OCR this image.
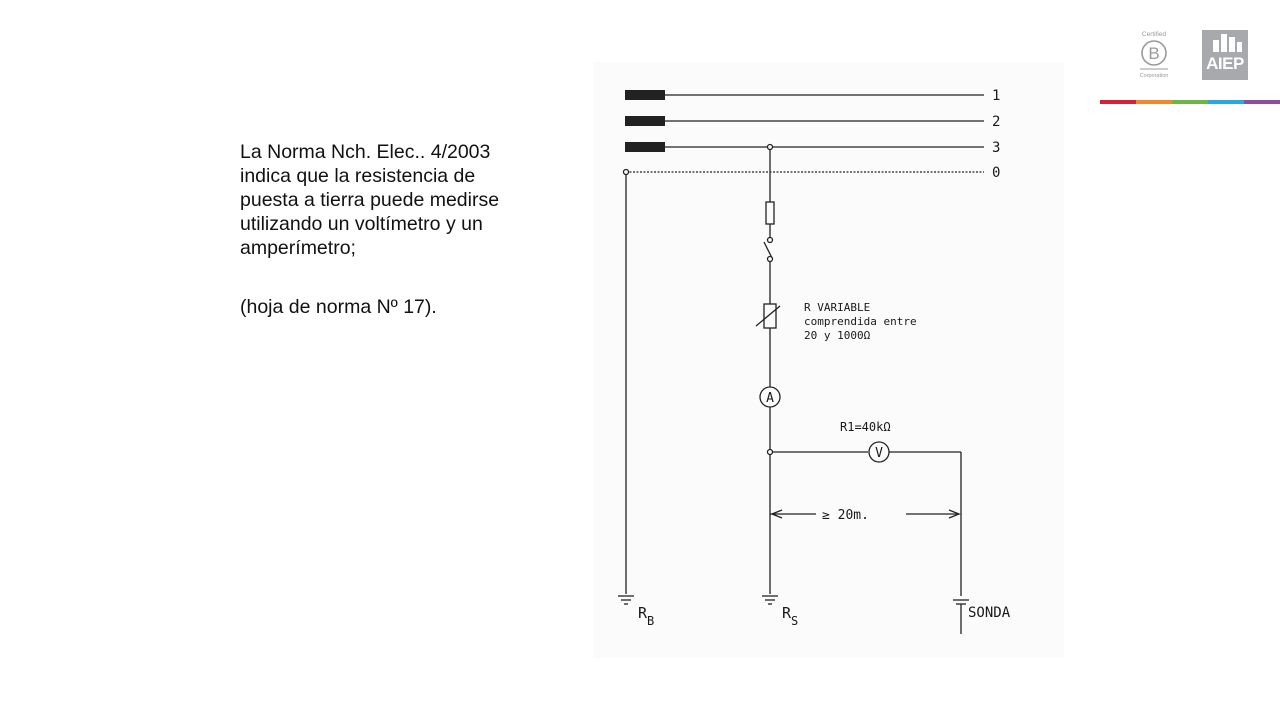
La Norma Nch. Elec.. 4/2003

indica que la resistencia de

puesta a tierra puede medirse

utilizando un voltímetro y un

amperímetro;

(hoja de norma Nº 17).

1
2
3
0
R VARIABLE
comprendida entre
20 y 1000Ω
A
V
R1=40kΩ
≥ 20m.
$R_B$	$R_S$	SONDA
Certified
B
Corporation
AIEP
